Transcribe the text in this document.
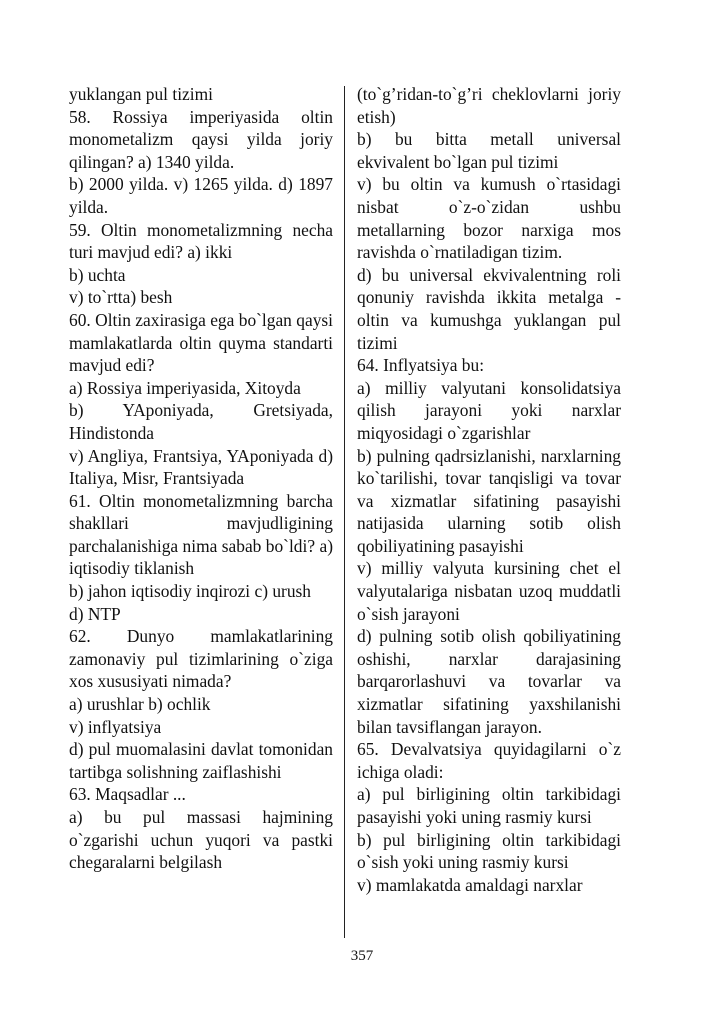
yuklangan pul tizimi

58. Rossiya imperiyasida oltin monometalizm qaysi yilda joriy qilingan? a) 1340 yilda.

b) 2000 yilda. v) 1265 yilda. d) 1897 yilda.

59. Oltin monometalizmning necha turi mavjud edi? a) ikki

b) uchta

v) to`rtta) besh

60. Oltin zaxirasiga ega bo`lgan qaysi mamlakatlarda oltin quyma standarti mavjud edi?

a) Rossiya imperiyasida, Xitoyda

b) YAponiyada, Gretsiyada, Hindistonda

v) Angliya, Frantsiya, YAponiyada d) Italiya, Misr, Frantsiyada

61. Oltin monometalizmning barcha shakllari mavjudligining parchalanishiga nima sabab bo`ldi? a) iqtisodiy tiklanish

b) jahon iqtisodiy inqirozi c) urush

d) NTP

62. Dunyo mamlakatlarining zamonaviy pul tizimlarining o`ziga xos xususiyati nimada?

a) urushlar b) ochlik

v) inflyatsiya

d) pul muomalasini davlat tomonidan tartibga solishning zaiflashishi

63. Maqsadlar ...

a) bu pul massasi hajmining o`zgarishi uchun yuqori va pastki chegaralarni belgilash

(to`g’ridan-to`g’ri cheklovlarni joriy etish)

b) bu bitta metall universal ekvivalent bo`lgan pul tizimi

v) bu oltin va kumush o`rtasidagi nisbat o`z-o`zidan ushbu metallarning bozor narxiga mos ravishda o`rnatiladigan tizim.

d) bu universal ekvivalentning roli qonuniy ravishda ikkita metalga - oltin va kumushga yuklangan pul tizimi

64. Inflyatsiya bu:

a) milliy valyutani konsolidatsiya qilish jarayoni yoki narxlar miqyosidagi o`zgarishlar

b) pulning qadrsizlanishi, narxlarning ko`tarilishi, tovar tanqisligi va tovar va xizmatlar sifatining pasayishi natijasida ularning sotib olish qobiliyatining pasayishi

v) milliy valyuta kursining chet el valyutalariga nisbatan uzoq muddatli o`sish jarayoni

d) pulning sotib olish qobiliyatining oshishi, narxlar darajasining barqarorlashuvi va tovarlar va xizmatlar sifatining yaxshilanishi bilan tavsiflangan jarayon.

65. Devalvatsiya quyidagilarni o`z ichiga oladi:

a) pul birligining oltin tarkibidagi pasayishi yoki uning rasmiy kursi

b) pul birligining oltin tarkibidagi o`sish yoki uning rasmiy kursi

v) mamlakatda amaldagi narxlar

357
